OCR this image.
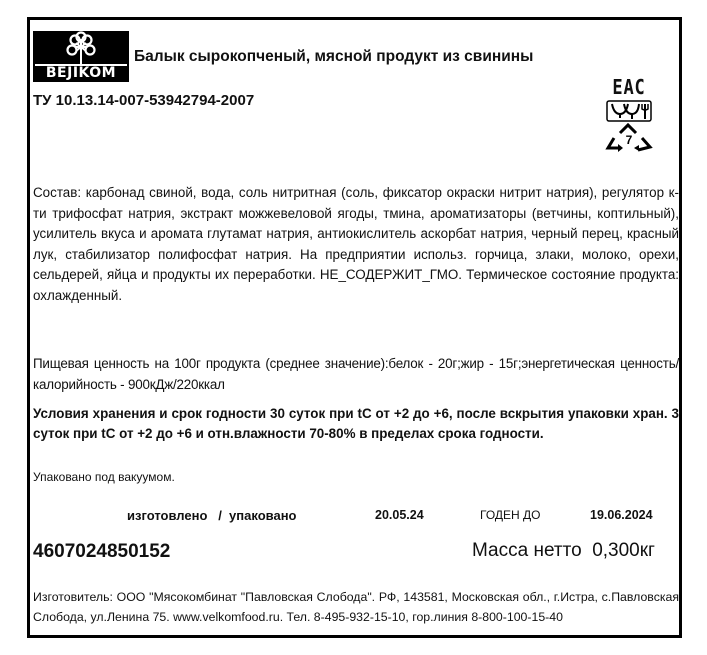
BEJIKOM
Балык сырокопченый, мясной продукт из свинины
ТУ 10.13.14-007-53942794-2007
EAC
7
Состав: карбонад свиной, вода, соль нитритная (соль, фиксатор окраски нитрит натрия), регулятор к-ти трифосфат натрия, экстракт можжевеловой ягоды, тмина, ароматизаторы (ветчины, коптильный), усилитель вкуса и аромата глутамат натрия, антиокислитель аскорбат натрия, черный перец, красный лук, стабилизатор полифосфат натрия. На предприятии использ. горчица, злаки, молоко, орехи, сельдерей, яйца и продукты их переработки. НЕ_СОДЕРЖИТ_ГМО. Термическое состояние продукта: охлажденный.
Пищевая ценность на 100г продукта (среднее значение):белок - 20г;жир - 15г;энергетическая ценность/калорийность - 900кДж/220ккал
Условия хранения и срок годности 30 суток при tC от +2 до +6, после вскрытия упаковки хран. 3 суток при tC от +2 до +6 и отн.влажности 70-80% в пределах срока годности.
Упаковано под вакуумом.
изготовлено   /  упаковано	20.05.24	ГОДЕН ДО	19.06.2024
4607024850152	Масса нетто  0,300кг
Изготовитель: ООО "Мясокомбинат "Павловская Слобода". РФ, 143581, Московская обл., г.Истра, с.Павловская Слобода, ул.Ленина 75. www.velkomfood.ru. Тел. 8-495-932-15-10, гор.линия 8-800-100-15-40
